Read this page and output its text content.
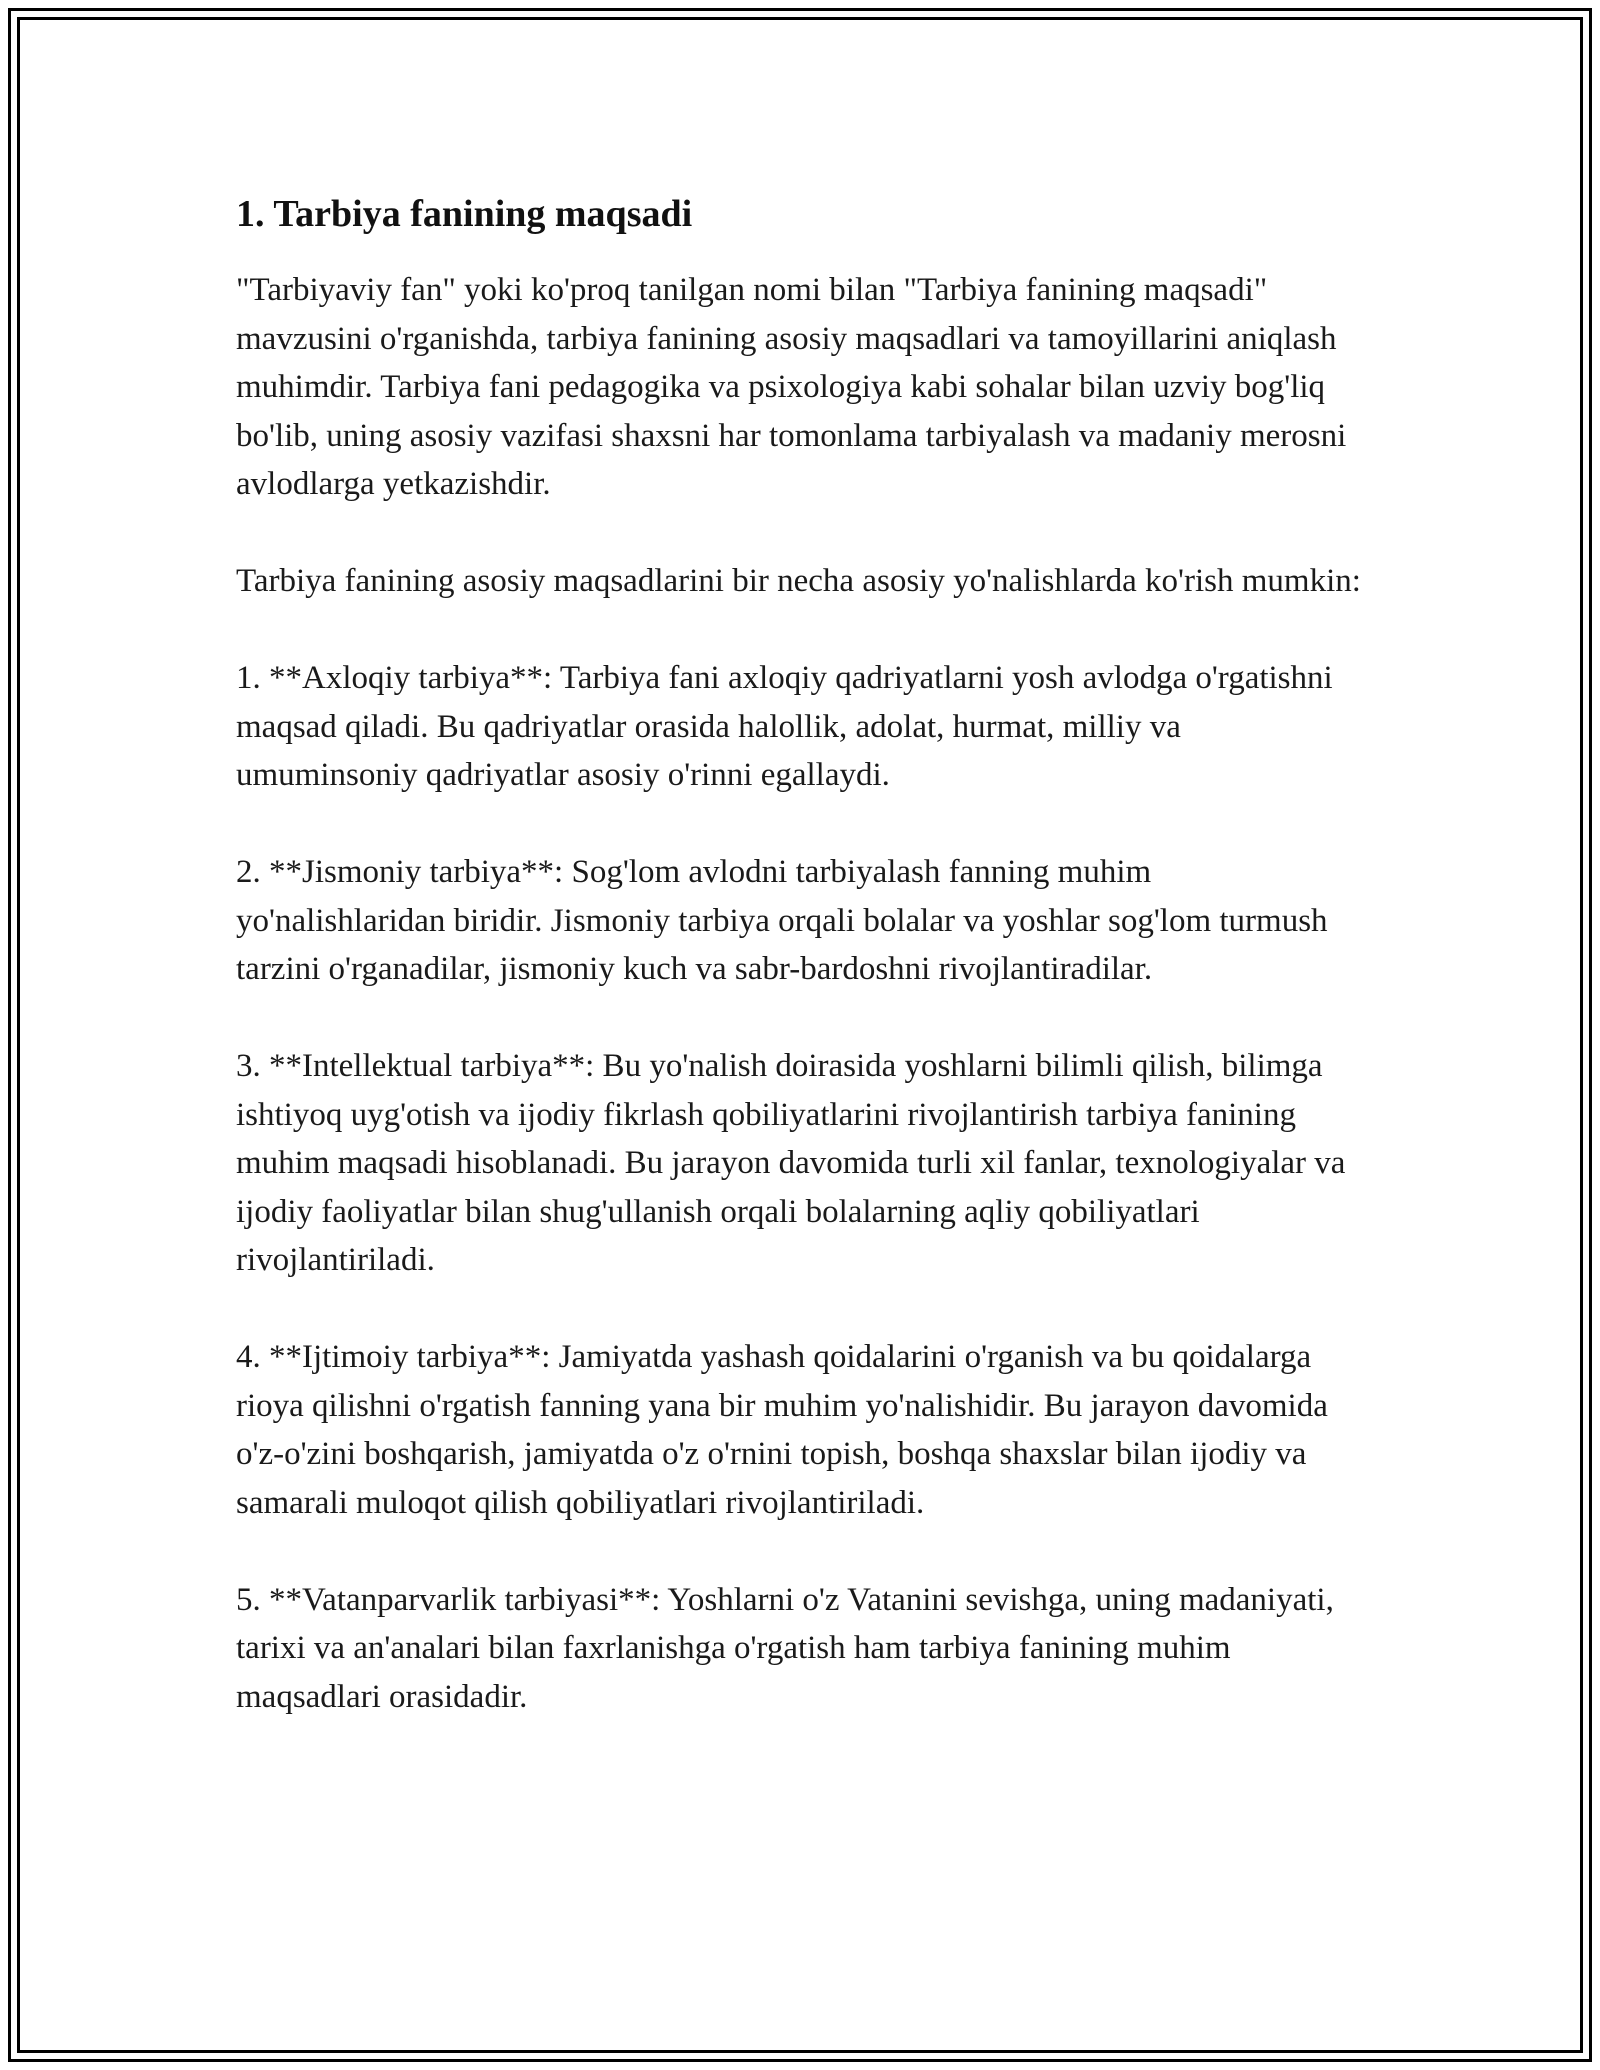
1. Tarbiya fanining maqsadi

"Tarbiyaviy fan" yoki ko'proq tanilgan nomi bilan "Tarbiya fanining maqsadi" mavzusini o'rganishda, tarbiya fanining asosiy maqsadlari va tamoyillarini aniqlash muhimdir. Tarbiya fani pedagogika va psixologiya kabi sohalar bilan uzviy bog'liq bo'lib, uning asosiy vazifasi shaxsni har tomonlama tarbiyalash va madaniy merosni avlodlarga yetkazishdir.

Tarbiya fanining asosiy maqsadlarini bir necha asosiy yo'nalishlarda ko'rish mumkin:

1. **Axloqiy tarbiya**: Tarbiya fani axloqiy qadriyatlarni yosh avlodga o'rgatishni maqsad qiladi. Bu qadriyatlar orasida halollik, adolat, hurmat, milliy va umuminsoniy qadriyatlar asosiy o'rinni egallaydi.

2. **Jismoniy tarbiya**: Sog'lom avlodni tarbiyalash fanning muhim yo'nalishlaridan biridir. Jismoniy tarbiya orqali bolalar va yoshlar sog'lom turmush tarzini o'rganadilar, jismoniy kuch va sabr-bardoshni rivojlantiradilar.

3. **Intellektual tarbiya**: Bu yo'nalish doirasida yoshlarni bilimli qilish, bilimga ishtiyoq uyg'otish va ijodiy fikrlash qobiliyatlarini rivojlantirish tarbiya fanining muhim maqsadi hisoblanadi. Bu jarayon davomida turli xil fanlar, texnologiyalar va ijodiy faoliyatlar bilan shug'ullanish orqali bolalarning aqliy qobiliyatlari rivojlantiriladi.

4. **Ijtimoiy tarbiya**: Jamiyatda yashash qoidalarini o'rganish va bu qoidalarga rioya qilishni o'rgatish fanning yana bir muhim yo'nalishidir. Bu jarayon davomida o'z-o'zini boshqarish, jamiyatda o'z o'rnini topish, boshqa shaxslar bilan ijodiy va samarali muloqot qilish qobiliyatlari rivojlantiriladi.

5. **Vatanparvarlik tarbiyasi**: Yoshlarni o'z Vatanini sevishga, uning madaniyati, tarixi va an'analari bilan faxrlanishga o'rgatish ham tarbiya fanining muhim maqsadlari orasidadir.
